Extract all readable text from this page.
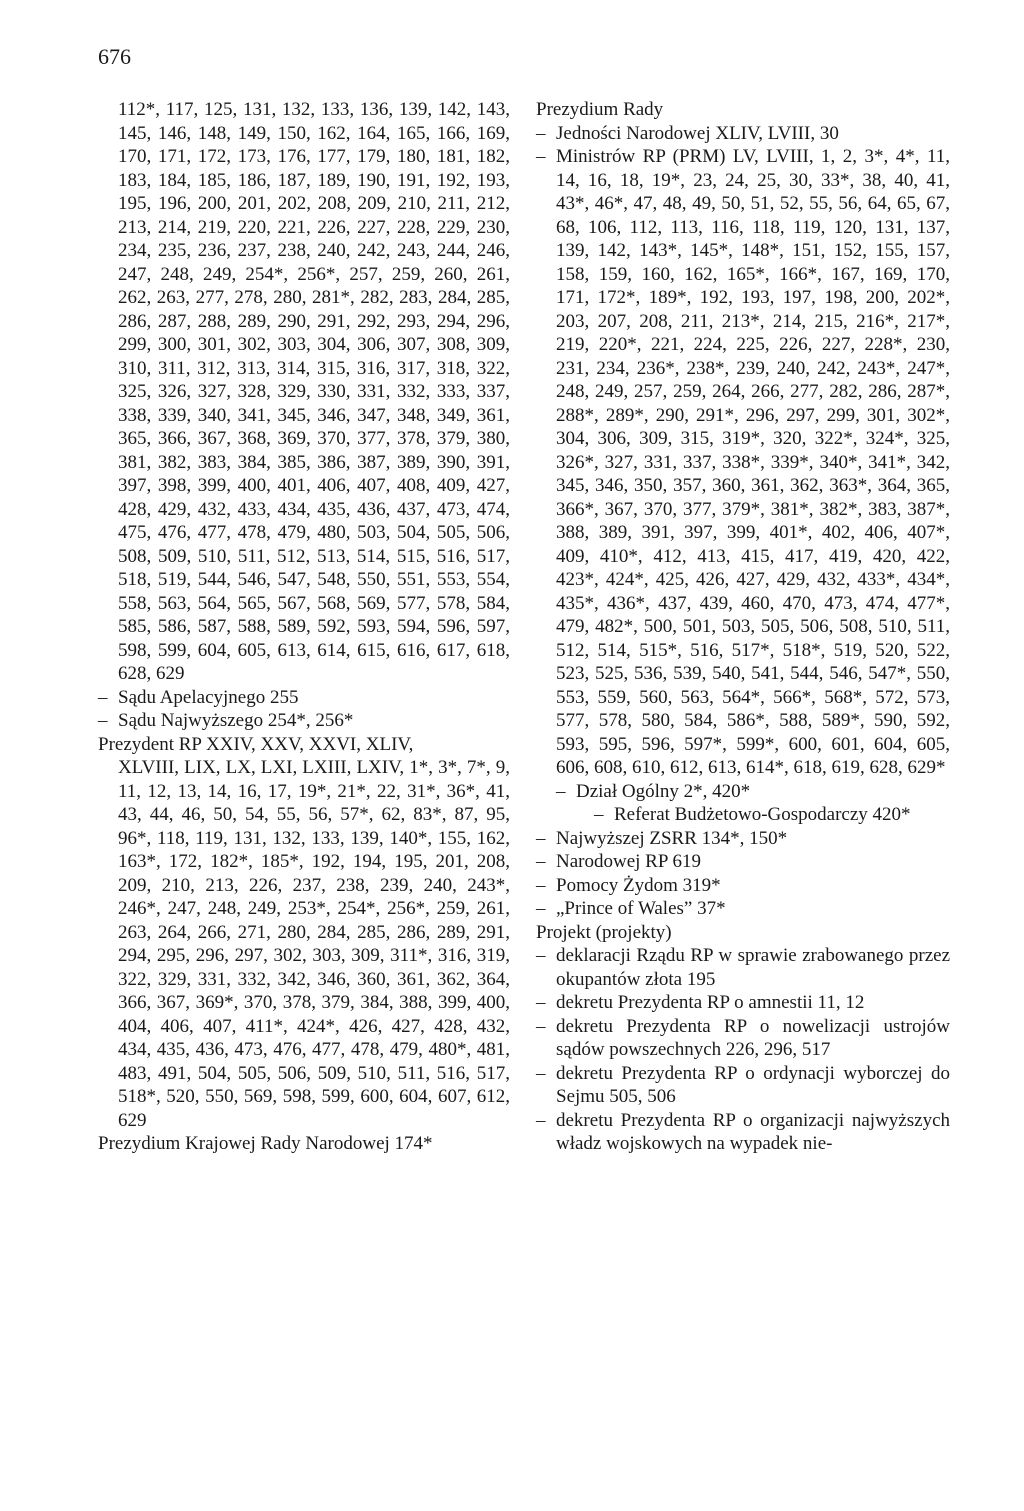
676
112*, 117, 125, 131, 132, 133, 136, 139, 142, 143, 145, 146, 148, 149, 150, 162, 164, 165, 166, 169, 170, 171, 172, 173, 176, 177, 179, 180, 181, 182, 183, 184, 185, 186, 187, 189, 190, 191, 192, 193, 195, 196, 200, 201, 202, 208, 209, 210, 211, 212, 213, 214, 219, 220, 221, 226, 227, 228, 229, 230, 234, 235, 236, 237, 238, 240, 242, 243, 244, 246, 247, 248, 249, 254*, 256*, 257, 259, 260, 261, 262, 263, 277, 278, 280, 281*, 282, 283, 284, 285, 286, 287, 288, 289, 290, 291, 292, 293, 294, 296, 299, 300, 301, 302, 303, 304, 306, 307, 308, 309, 310, 311, 312, 313, 314, 315, 316, 317, 318, 322, 325, 326, 327, 328, 329, 330, 331, 332, 333, 337, 338, 339, 340, 341, 345, 346, 347, 348, 349, 361, 365, 366, 367, 368, 369, 370, 377, 378, 379, 380, 381, 382, 383, 384, 385, 386, 387, 389, 390, 391, 397, 398, 399, 400, 401, 406, 407, 408, 409, 427, 428, 429, 432, 433, 434, 435, 436, 437, 473, 474, 475, 476, 477, 478, 479, 480, 503, 504, 505, 506, 508, 509, 510, 511, 512, 513, 514, 515, 516, 517, 518, 519, 544, 546, 547, 548, 550, 551, 553, 554, 558, 563, 564, 565, 567, 568, 569, 577, 578, 584, 585, 586, 587, 588, 589, 592, 593, 594, 596, 597, 598, 599, 604, 605, 613, 614, 615, 616, 617, 618, 628, 629
– Sądu Apelacyjnego 255
– Sądu Najwyższego 254*, 256*
Prezydent RP XXIV, XXV, XXVI, XLIV,
XLVIII, LIX, LX, LXI, LXIII, LXIV, 1*, 3*, 7*, 9, 11, 12, 13, 14, 16, 17, 19*, 21*, 22, 31*, 36*, 41, 43, 44, 46, 50, 54, 55, 56, 57*, 62, 83*, 87, 95, 96*, 118, 119, 131, 132, 133, 139, 140*, 155, 162, 163*, 172, 182*, 185*, 192, 194, 195, 201, 208, 209, 210, 213, 226, 237, 238, 239, 240, 243*, 246*, 247, 248, 249, 253*, 254*, 256*, 259, 261, 263, 264, 266, 271, 280, 284, 285, 286, 289, 291, 294, 295, 296, 297, 302, 303, 309, 311*, 316, 319, 322, 329, 331, 332, 342, 346, 360, 361, 362, 364, 366, 367, 369*, 370, 378, 379, 384, 388, 399, 400, 404, 406, 407, 411*, 424*, 426, 427, 428, 432, 434, 435, 436, 473, 476, 477, 478, 479, 480*, 481, 483, 491, 504, 505, 506, 509, 510, 511, 516, 517, 518*, 520, 550, 569, 598, 599, 600, 604, 607, 612, 629
Prezydium Krajowej Rady Narodowej 174*
Prezydium Rady
– Jedności Narodowej XLIV, LVIII, 30
– Ministrów RP (PRM) LV, LVIII, 1, 2, 3*, 4*, 11, 14, 16, 18, 19*, 23, 24, 25, 30, 33*, 38, 40, 41, 43*, 46*, 47, 48, 49, 50, 51, 52, 55, 56, 64, 65, 67, 68, 106, 112, 113, 116, 118, 119, 120, 131, 137, 139, 142, 143*, 145*, 148*, 151, 152, 155, 157, 158, 159, 160, 162, 165*, 166*, 167, 169, 170, 171, 172*, 189*, 192, 193, 197, 198, 200, 202*, 203, 207, 208, 211, 213*, 214, 215, 216*, 217*, 219, 220*, 221, 224, 225, 226, 227, 228*, 230, 231, 234, 236*, 238*, 239, 240, 242, 243*, 247*, 248, 249, 257, 259, 264, 266, 277, 282, 286, 287*, 288*, 289*, 290, 291*, 296, 297, 299, 301, 302*, 304, 306, 309, 315, 319*, 320, 322*, 324*, 325, 326*, 327, 331, 337, 338*, 339*, 340*, 341*, 342, 345, 346, 350, 357, 360, 361, 362, 363*, 364, 365, 366*, 367, 370, 377, 379*, 381*, 382*, 383, 387*, 388, 389, 391, 397, 399, 401*, 402, 406, 407*, 409, 410*, 412, 413, 415, 417, 419, 420, 422, 423*, 424*, 425, 426, 427, 429, 432, 433*, 434*, 435*, 436*, 437, 439, 460, 470, 473, 474, 477*, 479, 482*, 500, 501, 503, 505, 506, 508, 510, 511, 512, 514, 515*, 516, 517*, 518*, 519, 520, 522, 523, 525, 536, 539, 540, 541, 544, 546, 547*, 550, 553, 559, 560, 563, 564*, 566*, 568*, 572, 573, 577, 578, 580, 584, 586*, 588, 589*, 590, 592, 593, 595, 596, 597*, 599*, 600, 601, 604, 605, 606, 608, 610, 612, 613, 614*, 618, 619, 628, 629*
– Dział Ogólny 2*, 420*
– Referat Budżetowo-Gospodarczy 420*
– Najwyższej ZSRR 134*, 150*
– Narodowej RP 619
– Pomocy Żydom 319*
– „Prince of Wales” 37*
Projekt (projekty)
– deklaracji Rządu RP w sprawie zrabowanego przez okupantów złota 195
– dekretu Prezydenta RP o amnestii 11, 12
– dekretu Prezydenta RP o nowelizacji ustrojów sądów powszechnych 226, 296, 517
– dekretu Prezydenta RP o ordynacji wyborczej do Sejmu 505, 506
– dekretu Prezydenta RP o organizacji najwyższych władz wojskowych na wypadek nie-
